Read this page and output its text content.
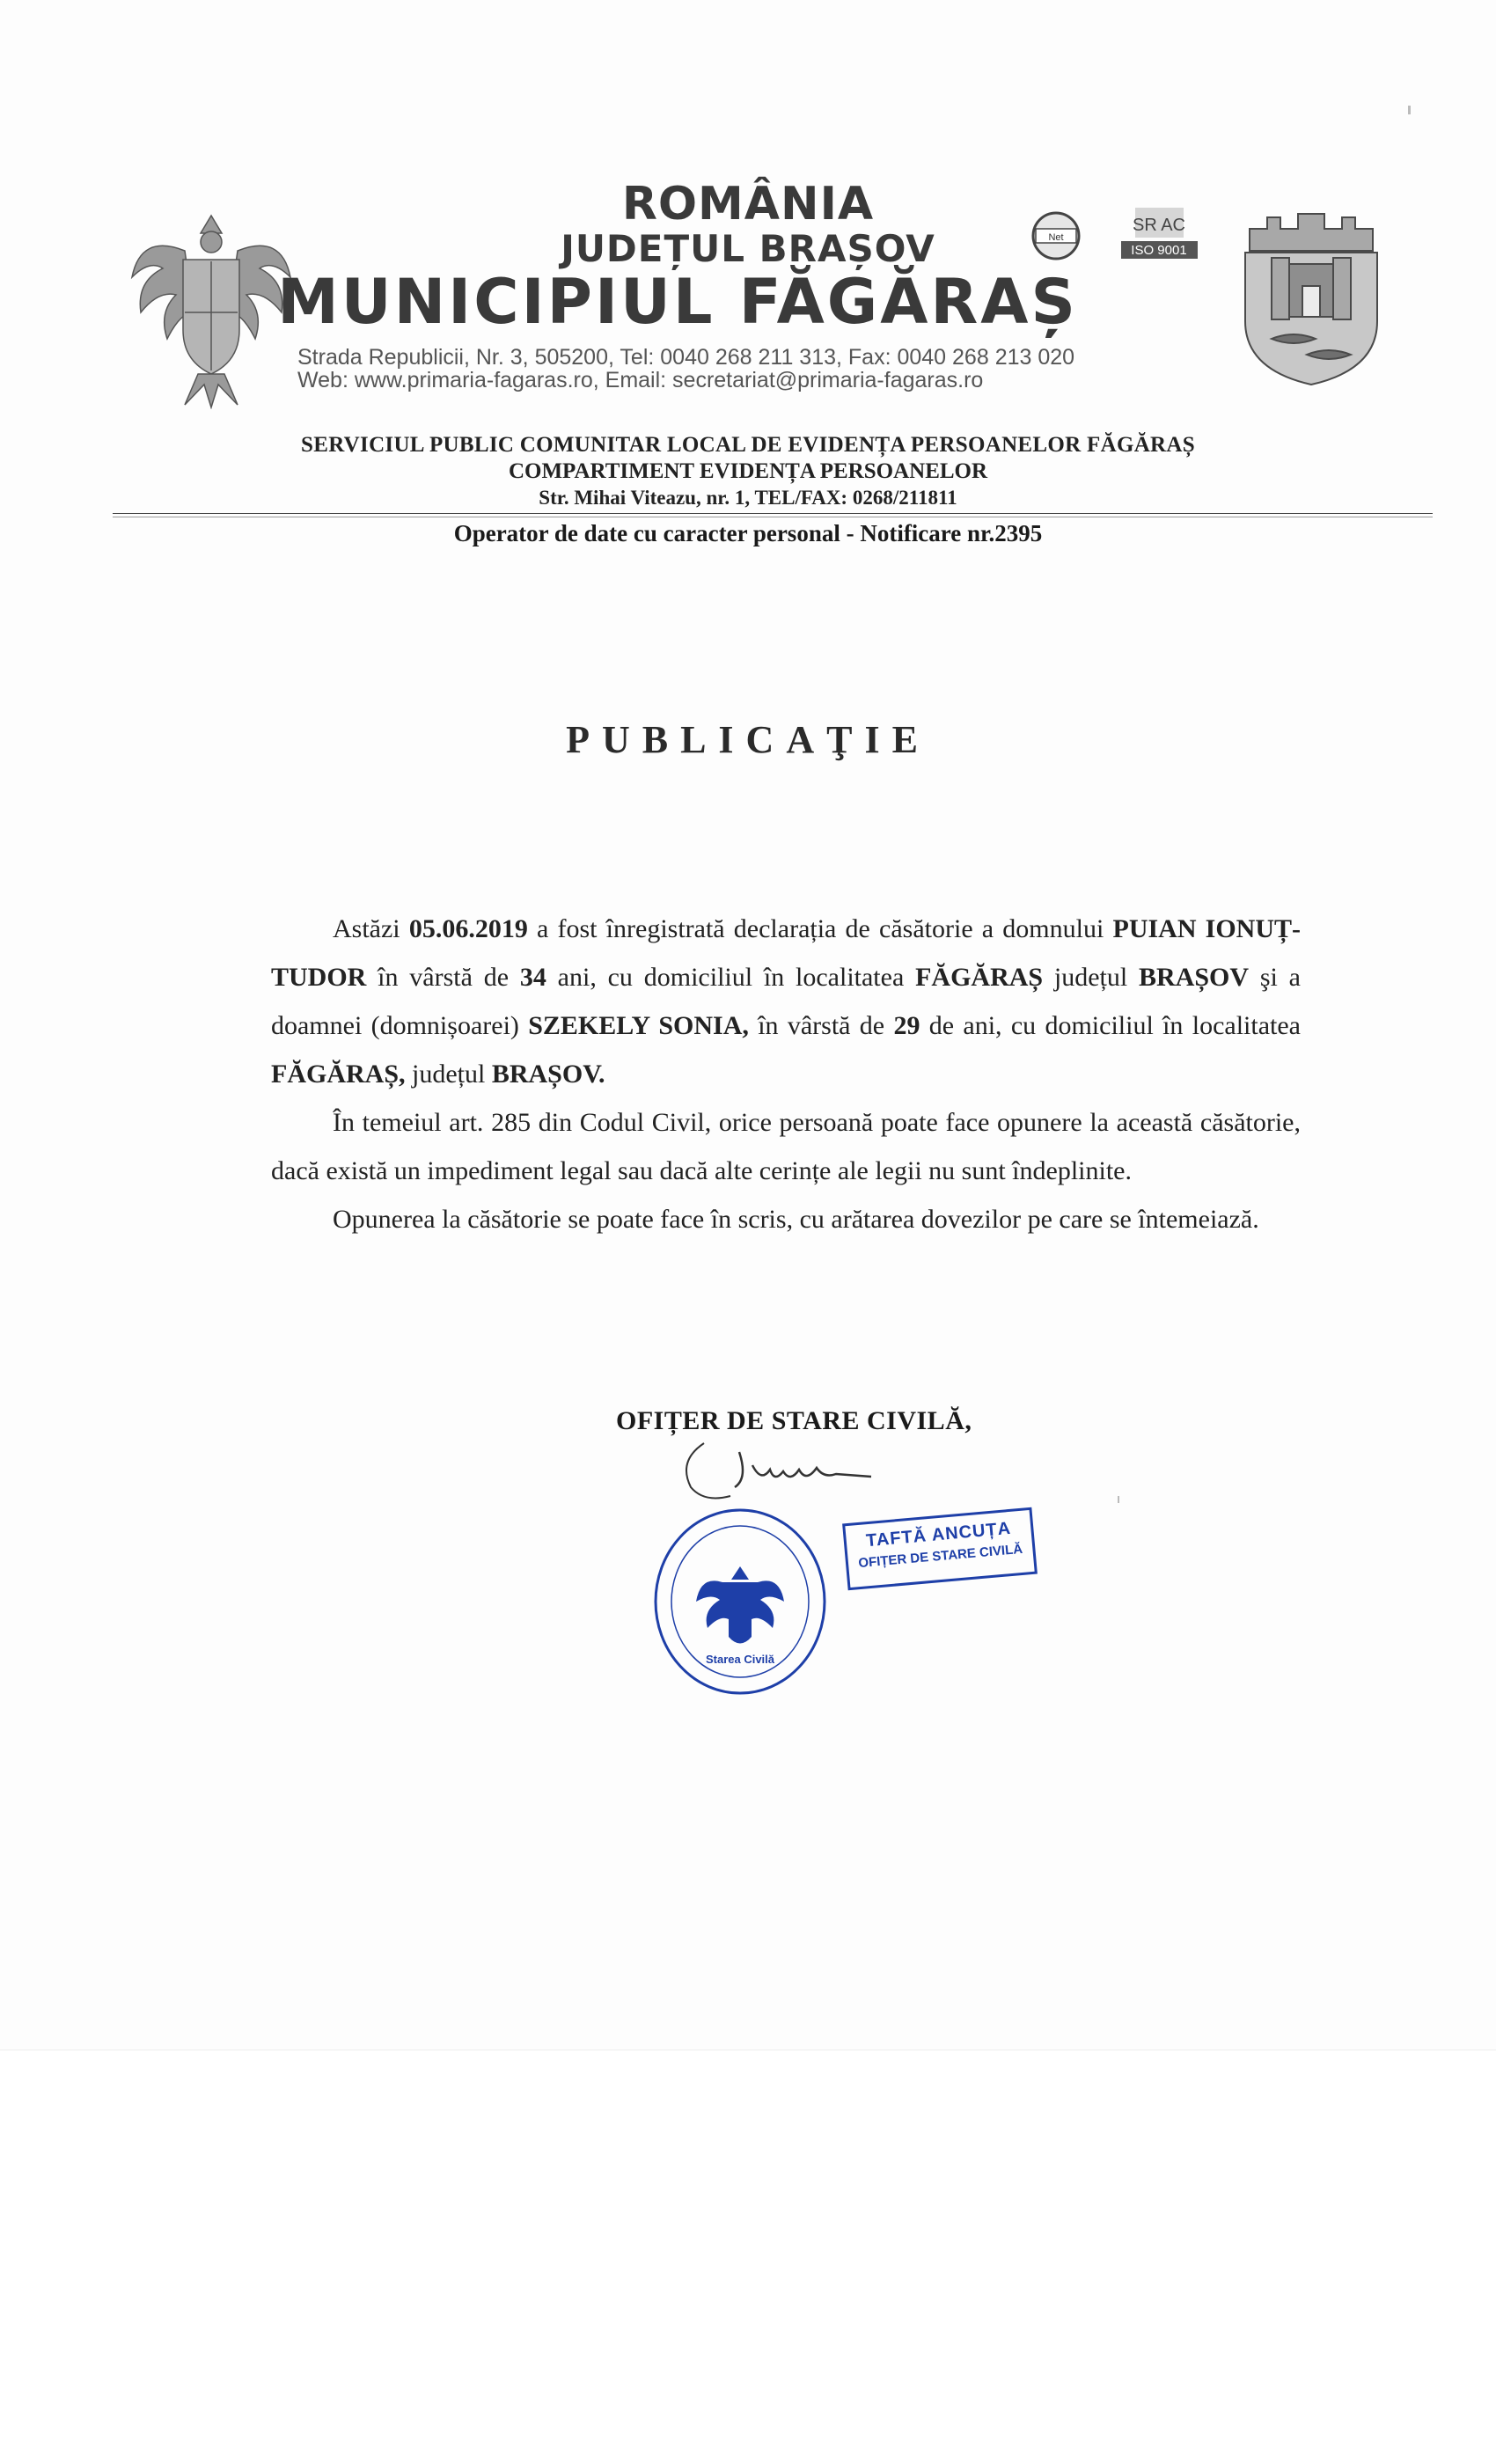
ROMÂNIA

JUDEȚUL BRAȘOV

MUNICIPIUL FĂGĂRAȘ

Strada Republicii, Nr. 3, 505200, Tel: 0040 268 211 313, Fax: 0040 268 213 020
Web: www.primaria-fagaras.ro, Email: secretariat@primaria-fagaras.ro
Net
SR AC
ISO 9001
SERVICIUL PUBLIC COMUNITAR LOCAL DE EVIDENȚA PERSOANELOR FĂGĂRAȘ
COMPARTIMENT EVIDENȚA PERSOANELOR
Str. Mihai Viteazu, nr. 1, TEL/FAX: 0268/211811
Operator de date cu caracter personal - Notificare nr.2395
PUBLICAŢIE

Astăzi 05.06.2019 a fost înregistrată declarația de căsătorie a domnului PUIAN IONUȚ-TUDOR în vârstă de 34 ani, cu domiciliul în localitatea FĂGĂRAȘ județul BRAȘOV şi a doamnei (domnișoarei) SZEKELY SONIA, în vârstă de 29 de ani, cu domiciliul în localitatea FĂGĂRAȘ, județul BRAȘOV.

În temeiul art. 285 din Codul Civil, orice persoană poate face opunere la această căsătorie, dacă există un impediment legal sau dacă alte cerințe ale legii nu sunt îndeplinite.

Opunerea la căsătorie se poate face în scris, cu arătarea dovezilor pe care se întemeiază.

OFIȚER DE STARE CIVILĂ,
Starea Civilă
TAFTĂ ANCUȚA
OFIȚER DE STARE CIVILĂ
